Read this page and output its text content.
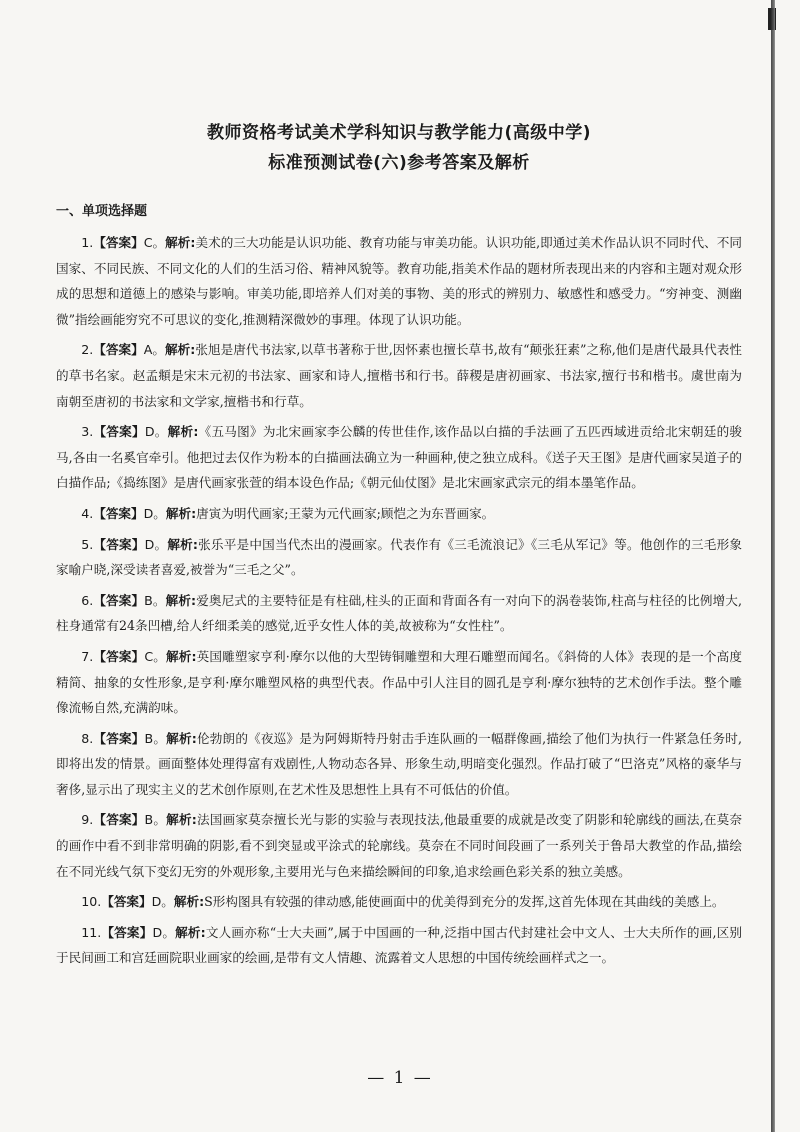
教师资格考试美术学科知识与教学能力(高级中学)
标准预测试卷(六)参考答案及解析
一、单项选择题

1.【答案】C。解析:美术的三大功能是认识功能、教育功能与审美功能。认识功能,即通过美术作品认识不同时代、不同国家、不同民族、不同文化的人们的生活习俗、精神风貌等。教育功能,指美术作品的题材所表现出来的内容和主题对观众形成的思想和道德上的感染与影响。审美功能,即培养人们对美的事物、美的形式的辨别力、敏感性和感受力。“穷神变、测幽微”指绘画能穷究不可思议的变化,推测精深微妙的事理。体现了认识功能。

2.【答案】A。解析:张旭是唐代书法家,以草书著称于世,因怀素也擅长草书,故有“颠张狂素”之称,他们是唐代最具代表性的草书名家。赵孟頫是宋末元初的书法家、画家和诗人,擅楷书和行书。薛稷是唐初画家、书法家,擅行书和楷书。虞世南为南朝至唐初的书法家和文学家,擅楷书和行草。

3.【答案】D。解析:《五马图》为北宋画家李公麟的传世佳作,该作品以白描的手法画了五匹西域进贡给北宋朝廷的骏马,各由一名奚官牵引。他把过去仅作为粉本的白描画法确立为一种画种,使之独立成科。《送子天王图》是唐代画家吴道子的白描作品;《捣练图》是唐代画家张萱的绢本设色作品;《朝元仙仗图》是北宋画家武宗元的绢本墨笔作品。

4.【答案】D。解析:唐寅为明代画家;王蒙为元代画家;顾恺之为东晋画家。

5.【答案】D。解析:张乐平是中国当代杰出的漫画家。代表作有《三毛流浪记》《三毛从军记》等。他创作的三毛形象家喻户晓,深受读者喜爱,被誉为“三毛之父”。

6.【答案】B。解析:爱奥尼式的主要特征是有柱础,柱头的正面和背面各有一对向下的涡卷装饰,柱高与柱径的比例增大,柱身通常有24条凹槽,给人纤细柔美的感觉,近乎女性人体的美,故被称为“女性柱”。

7.【答案】C。解析:英国雕塑家亨利·摩尔以他的大型铸铜雕塑和大理石雕塑而闻名。《斜倚的人体》表现的是一个高度精简、抽象的女性形象,是亨利·摩尔雕塑风格的典型代表。作品中引人注目的圆孔是亨利·摩尔独特的艺术创作手法。整个雕像流畅自然,充满韵味。

8.【答案】B。解析:伦勃朗的《夜巡》是为阿姆斯特丹射击手连队画的一幅群像画,描绘了他们为执行一件紧急任务时,即将出发的情景。画面整体处理得富有戏剧性,人物动态各异、形象生动,明暗变化强烈。作品打破了“巴洛克”风格的豪华与奢侈,显示出了现实主义的艺术创作原则,在艺术性及思想性上具有不可低估的价值。

9.【答案】B。解析:法国画家莫奈擅长光与影的实验与表现技法,他最重要的成就是改变了阴影和轮廓线的画法,在莫奈的画作中看不到非常明确的阴影,看不到突显或平涂式的轮廓线。莫奈在不同时间段画了一系列关于鲁昂大教堂的作品,描绘在不同光线气氛下变幻无穷的外观形象,主要用光与色来描绘瞬间的印象,追求绘画色彩关系的独立美感。

10.【答案】D。解析:S形构图具有较强的律动感,能使画面中的优美得到充分的发挥,这首先体现在其曲线的美感上。

11.【答案】D。解析:文人画亦称“士大夫画”,属于中国画的一种,泛指中国古代封建社会中文人、士大夫所作的画,区别于民间画工和宫廷画院职业画家的绘画,是带有文人情趣、流露着文人思想的中国传统绘画样式之一。

— 1 —
